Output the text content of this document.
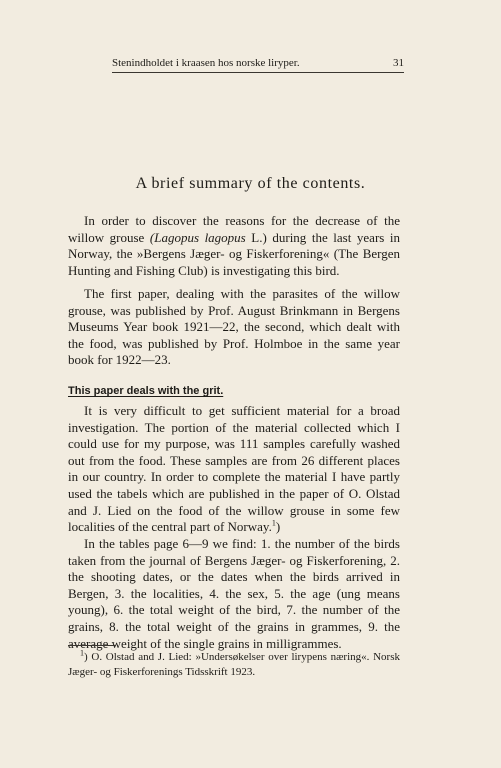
Stenindholdet i kraasen hos norske liryper.	31
A brief summary of the contents.

In order to discover the reasons for the decrease of the willow grouse (Lagopus lagopus L.) during the last years in Norway, the »Bergens Jæger- og Fiskerforening« (The Bergen Hunting and Fishing Club) is investigating this bird.

The first paper, dealing with the parasites of the willow grouse, was published by Prof. August Brinkmann in Bergens Museums Year book 1921—22, the second, which dealt with the food, was published by Prof. Holmboe in the same year book for 1922—23.

This paper deals with the grit.

It is very difficult to get sufficient material for a broad investigation. The portion of the material collected which I could use for my purpose, was 111 samples carefully washed out from the food. These samples are from 26 different places in our country. In order to complete the material I have partly used the tabels which are published in the paper of O. Olstad and J. Lied on the food of the willow grouse in some few localities of the central part of Norway.$^1$)

In the tables page 6—9 we find: 1. the number of the birds taken from the journal of Bergens Jæger- og Fiskerforening, 2. the shooting dates, or the dates when the birds arrived in Bergen, 3. the localities, 4. the sex, 5. the age (ung means young), 6. the total weight of the bird, 7. the number of the grains, 8. the total weight of the grains in grammes, 9. the average weight of the single grains in milligrammes.

$^1$) O. Olstad and J. Lied: »Undersøkelser over lirypens næring«. Norsk Jæger- og Fiskerforenings Tidsskrift 1923.
